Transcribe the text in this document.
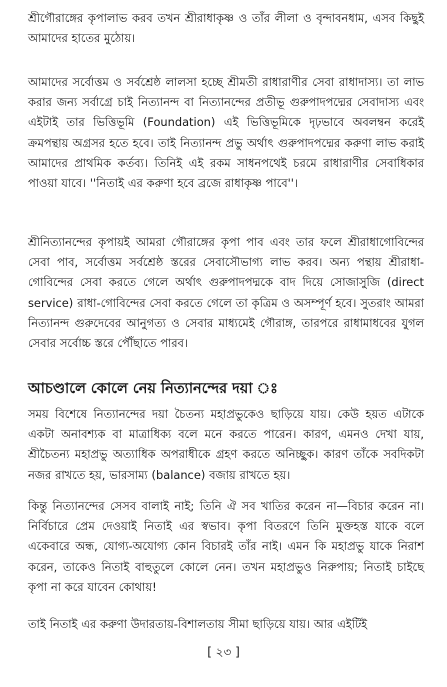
শ্রীগৌরাঙ্গের কৃপালাভ করব তখন শ্রীরাধাকৃষ্ণ ও তাঁর লীলা ও বৃন্দাবনধাম, এসব কিছুই আমাদের হাতের মুঠোয়।

আমাদের সর্বোত্তম ও সর্বশ্রেষ্ঠ লালসা হচ্ছে শ্রীমতী রাধারাণীর সেবা রাধাদাস্য। তা লাভ করার জন্য সর্বাগ্রে চাই নিত্যানন্দ বা নিত্যানন্দের প্রতীভূ গুরুপাদপদ্মের সেবাদাস্য এবং এইটাই তার ভিত্তিভূমি (Foundation) এই ভিত্তিভূমিকে দৃঢ়ভাবে অবলম্বন করেই ক্রমপন্থায় অগ্রসর হতে হবে। তাই নিত্যানন্দ প্রভু অর্থাৎ গুরুপাদপদ্মের করুণা লাভ করাই আমাদের প্রাথমিক কর্তব্য। তিনিই এই রকম সাধনপথেই চরমে রাধারাণীর সেবাধিকার পাওয়া যাবে। ''নিতাই এর করুণা হবে ব্রজে রাধাকৃষ্ণ পাবে''।

শ্রীনিত্যানন্দের কৃপায়ই আমরা গৌরাঙ্গের কৃপা পাব এবং তার ফলে শ্রীরাধাগোবিন্দের সেবা পাব, সর্বোত্তম সর্বশ্রেষ্ঠ স্তরের সেবাসৌভাগ্য লাভ করব। অন্য পন্থায় শ্রীরাধা-গোবিন্দের সেবা করতে গেলে অর্থাৎ গুরুপাদপদ্মকে বাদ দিয়ে সোজাসুজি (direct service) রাধা-গোবিন্দের সেবা করতে গেলে তা কৃত্রিম ও অসম্পূর্ণ হবে। সুতরাং আমরা নিত্যানন্দ গুরুদেবের আনুগত্য ও সেবার মাধ্যমেই গৌরাঙ্গ, তারপরে রাধামাধবের যুগল সেবার সর্বোচ্চ স্তরে পৌঁছাতে পারব।

আচণ্ডালে কোলে নেয় নিত্যানন্দের দয়া ঃ

সময় বিশেষে নিত্যানন্দের দয়া চৈতন্য মহাপ্রভুকেও ছাড়িয়ে যায়। কেউ হয়ত এটাকে একটা অনাবশ্যক বা মাত্রাধিক্য বলে মনে করতে পারেন। কারণ, এমনও দেখা যায়, শ্রীচৈতন্য মহাপ্রভু অত্যাধিক অপরাধীকে গ্রহণ করতে অনিচ্ছুক। কারণ তাঁকে সবদিকটা নজর রাখতে হয়, ভারসাম্য (balance) বজায় রাখতে হয়।

কিন্তু নিত্যানন্দের সেসব বালাই নাই; তিনি ঐ সব খাতির করেন না—বিচার করেন না। নির্বিচারে প্রেম দেওয়াই নিতাই এর স্বভাব। কৃপা বিতরণে তিনি মুক্তহস্ত যাকে বলে একেবারে অন্ধ, যোগ্য-অযোগ্য কোন বিচারই তাঁর নাই। এমন কি মহাপ্রভু যাকে নিরাশ করেন, তাকেও নিতাই বাহুতুলে কোলে নেন। তখন মহাপ্রভুও নিরুপায়; নিতাই চাইছে কৃপা না করে যাবেন কোথায়!

তাই নিতাই এর করুণা উদারতায়-বিশালতায় সীমা ছাড়িয়ে যায়। আর এইটিই

[ ২৩ ]
